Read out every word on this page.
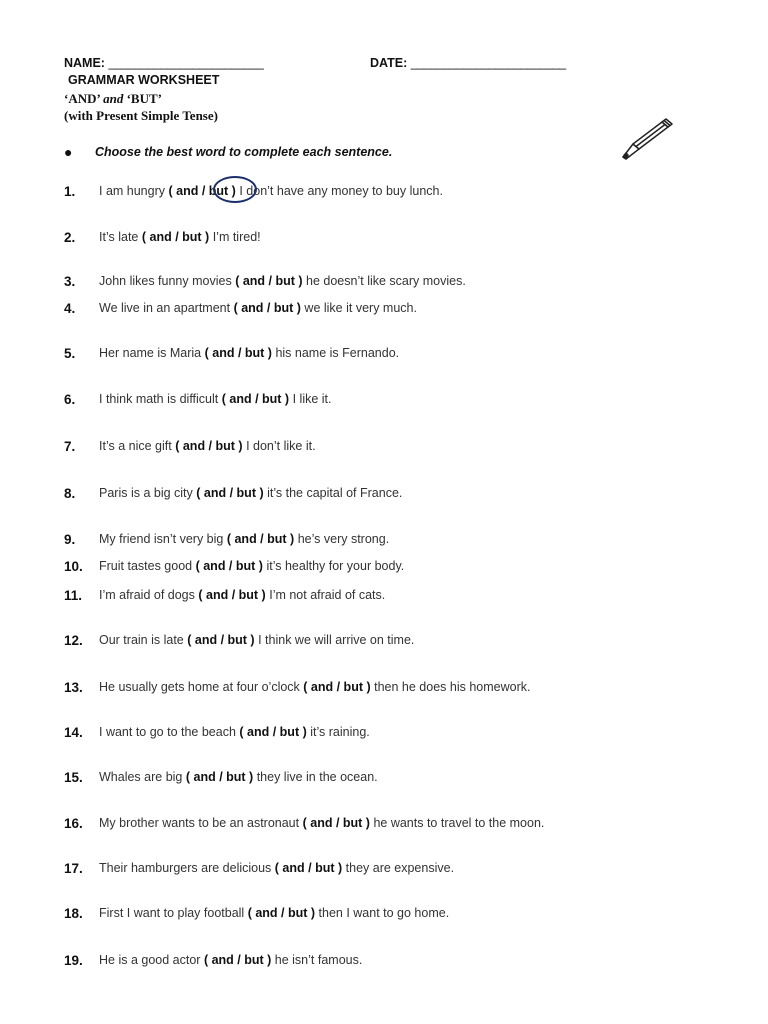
NAME: ________________________	DATE: ________________________
GRAMMAR WORKSHEET
‘AND’ and ‘BUT’
(with Present Simple Tense)
● Choose the best word to complete each sentence.
1. I am hungry ( and / but ) I don’t have any money to buy lunch.
2. It’s late ( and / but ) I’m tired!
3. John likes funny movies ( and / but ) he doesn’t like scary movies.
4. We live in an apartment ( and / but ) we like it very much.
5. Her name is Maria ( and / but ) his name is Fernando.
6. I think math is difficult ( and / but ) I like it.
7. It’s a nice gift ( and / but ) I don’t like it.
8. Paris is a big city ( and / but ) it’s the capital of France.
9. My friend isn’t very big ( and / but ) he’s very strong.
10. Fruit tastes good ( and / but ) it’s healthy for your body.
11. I’m afraid of dogs ( and / but ) I’m not afraid of cats.
12. Our train is late ( and / but ) I think we will arrive on time.
13. He usually gets home at four o’clock ( and / but ) then he does his homework.
14. I want to go to the beach ( and / but ) it’s raining.
15. Whales are big ( and / but ) they live in the ocean.
16. My brother wants to be an astronaut ( and / but ) he wants to travel to the moon.
17. Their hamburgers are delicious ( and / but ) they are expensive.
18. First I want to play football ( and / but ) then I want to go home.
19. He is a good actor ( and / but ) he isn’t famous.
